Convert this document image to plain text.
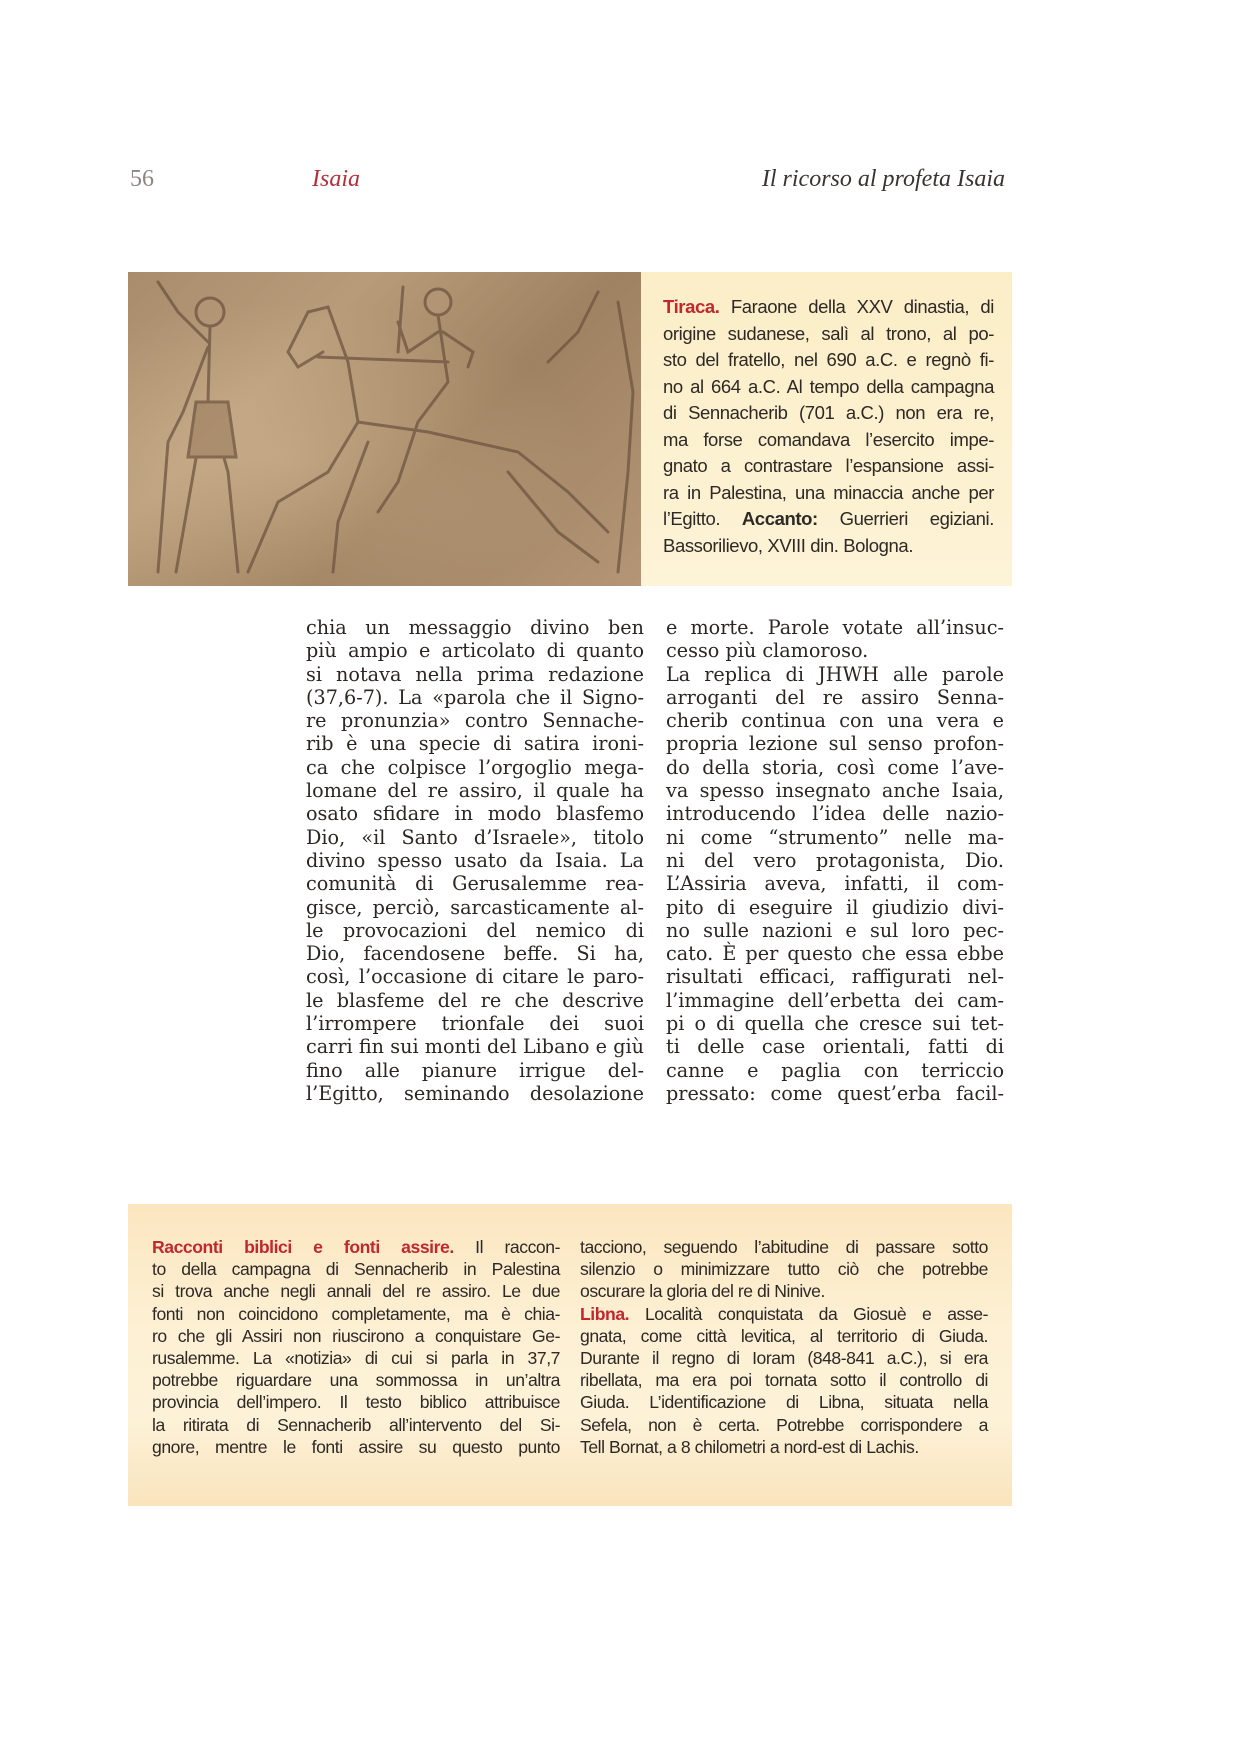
56	Isaia	Il ricorso al profeta Isaia
Tiraca. Faraone della XXV dinastia, di
origine sudanese, salì al trono, al po-
sto del fratello, nel 690 a.C. e regnò fi-
no al 664 a.C. Al tempo della campagna
di Sennacherib (701 a.C.) non era re,
ma forse comandava l’esercito impe-
gnato a contrastare l’espansione assi-
ra in Palestina, una minaccia anche per
l’Egitto. Accanto: Guerrieri egiziani.
Bassorilievo, XVIII din. Bologna.
chia un messaggio divino ben
più ampio e articolato di quanto
si notava nella prima redazione
(37,6-7). La «parola che il Signo-
re pronunzia» contro Sennache-
rib è una specie di satira ironi-
ca che colpisce l’orgoglio mega-
lomane del re assiro, il quale ha
osato sfidare in modo blasfemo
Dio, «il Santo d’Israele», titolo
divino spesso usato da Isaia. La
comunità di Gerusalemme rea-
gisce, perciò, sarcasticamente al-
le provocazioni del nemico di
Dio, facendosene beffe. Si ha,
così, l’occasione di citare le paro-
le blasfeme del re che descrive
l’irrompere trionfale dei suoi
carri fin sui monti del Libano e giù
fino alle pianure irrigue del-
l’Egitto, seminando desolazione

e morte. Parole votate all’insuc-
cesso più clamoroso.

La replica di JHWH alle parole
arroganti del re assiro Senna-
cherib continua con una vera e
propria lezione sul senso profon-
do della storia, così come l’ave-
va spesso insegnato anche Isaia,
introducendo l’idea delle nazio-
ni come “strumento” nelle ma-
ni del vero protagonista, Dio.
L’Assiria aveva, infatti, il com-
pito di eseguire il giudizio divi-
no sulle nazioni e sul loro pec-
cato. È per questo che essa ebbe
risultati efficaci, raffigurati nel-
l’immagine dell’erbetta dei cam-
pi o di quella che cresce sui tet-
ti delle case orientali, fatti di
canne e paglia con terriccio
pressato: come quest’erba facil-

Racconti biblici e fonti assire. Il raccon-
to della campagna di Sennacherib in Palestina
si trova anche negli annali del re assiro. Le due
fonti non coincidono completamente, ma è chia-
ro che gli Assiri non riuscirono a conquistare Ge-
rusalemme. La «notizia» di cui si parla in 37,7
potrebbe riguardare una sommossa in un’altra
provincia dell’impero. Il testo biblico attribuisce
la ritirata di Sennacherib all’intervento del Si-
gnore, mentre le fonti assire su questo punto
tacciono, seguendo l’abitudine di passare sotto
silenzio o minimizzare tutto ciò che potrebbe
oscurare la gloria del re di Ninive.
Libna. Località conquistata da Giosuè e asse-
gnata, come città levitica, al territorio di Giuda.
Durante il regno di Ioram (848-841 a.C.), si era
ribellata, ma era poi tornata sotto il controllo di
Giuda. L’identificazione di Libna, situata nella
Sefela, non è certa. Potrebbe corrispondere a
Tell Bornat, a 8 chilometri a nord-est di Lachis.
